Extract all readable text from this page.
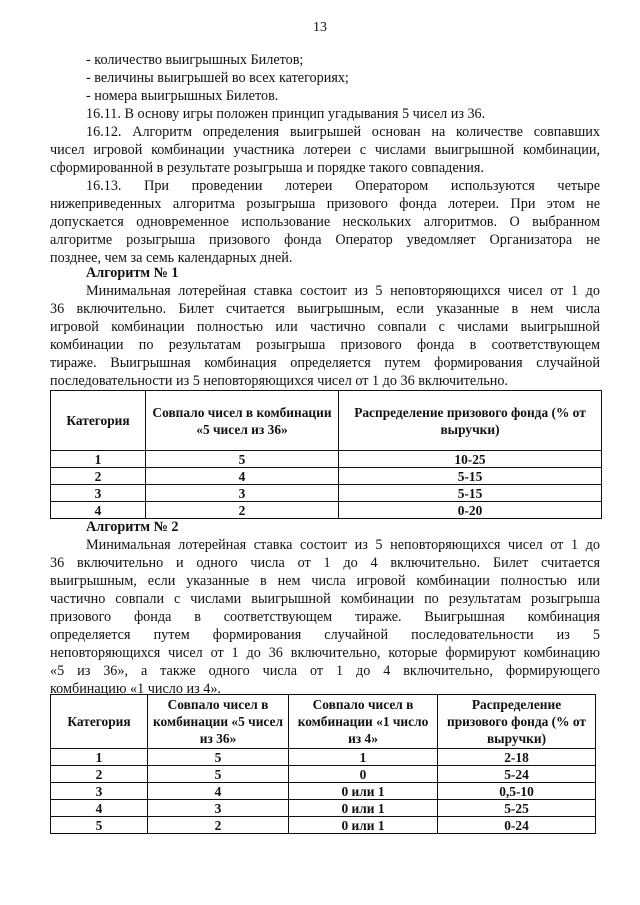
13
- количество выигрышных Билетов;
- величины выигрышей во всех категориях;
- номера выигрышных Билетов.
16.11. В основу игры положен принцип угадывания 5 чисел из 36.
16.12. Алгоритм определения выигрышей основан на количестве совпавших
чисел игровой комбинации участника лотереи с числами выигрышной комбинации,
сформированной в результате розыгрыша и порядке такого совпадения.
16.13. При проведении лотереи Оператором используются четыре
нижеприведенных алгоритма розыгрыша призового фонда лотереи. При этом не
допускается одновременное использование нескольких алгоритмов. О выбранном
алгоритме розыгрыша призового фонда Оператор уведомляет Организатора не
позднее, чем за семь календарных дней.
Алгоритм № 1
Минимальная лотерейная ставка состоит из 5 неповторяющихся чисел от 1 до
36 включительно. Билет считается выигрышным, если указанные в нем числа
игровой комбинации полностью или частично совпали с числами выигрышной
комбинации по результатам розыгрыша призового фонда в соответствующем
тираже. Выигрышная комбинация определяется путем формирования случайной
последовательности из 5 неповторяющихся чисел от 1 до 36 включительно.
Категория	Совпало чисел в комбинации «5 чисел из 36»	Распределение призового фонда (% от выручки)
1	5	10-25
2	4	5-15
3	3	5-15
4	2	0-20
Алгоритм № 2
Минимальная лотерейная ставка состоит из 5 неповторяющихся чисел от 1 до
36 включительно и одного числа от 1 до 4 включительно. Билет считается
выигрышным, если указанные в нем числа игровой комбинации полностью или
частично совпали с числами выигрышной комбинации по результатам розыгрыша
призового фонда в соответствующем тираже. Выигрышная комбинация
определяется путем формирования случайной последовательности из 5
неповторяющихся чисел от 1 до 36 включительно, которые формируют комбинацию
«5 из 36», а также одного числа от 1 до 4 включительно, формирующего
комбинацию «1 число из 4».
Категория	Совпало чисел в комбинации «5 чисел из 36»	Совпало чисел в комбинации «1 число из 4»	Распределение призового фонда (% от выручки)
1	5	1	2-18
2	5	0	5-24
3	4	0 или 1	0,5-10
4	3	0 или 1	5-25
5	2	0 или 1	0-24
